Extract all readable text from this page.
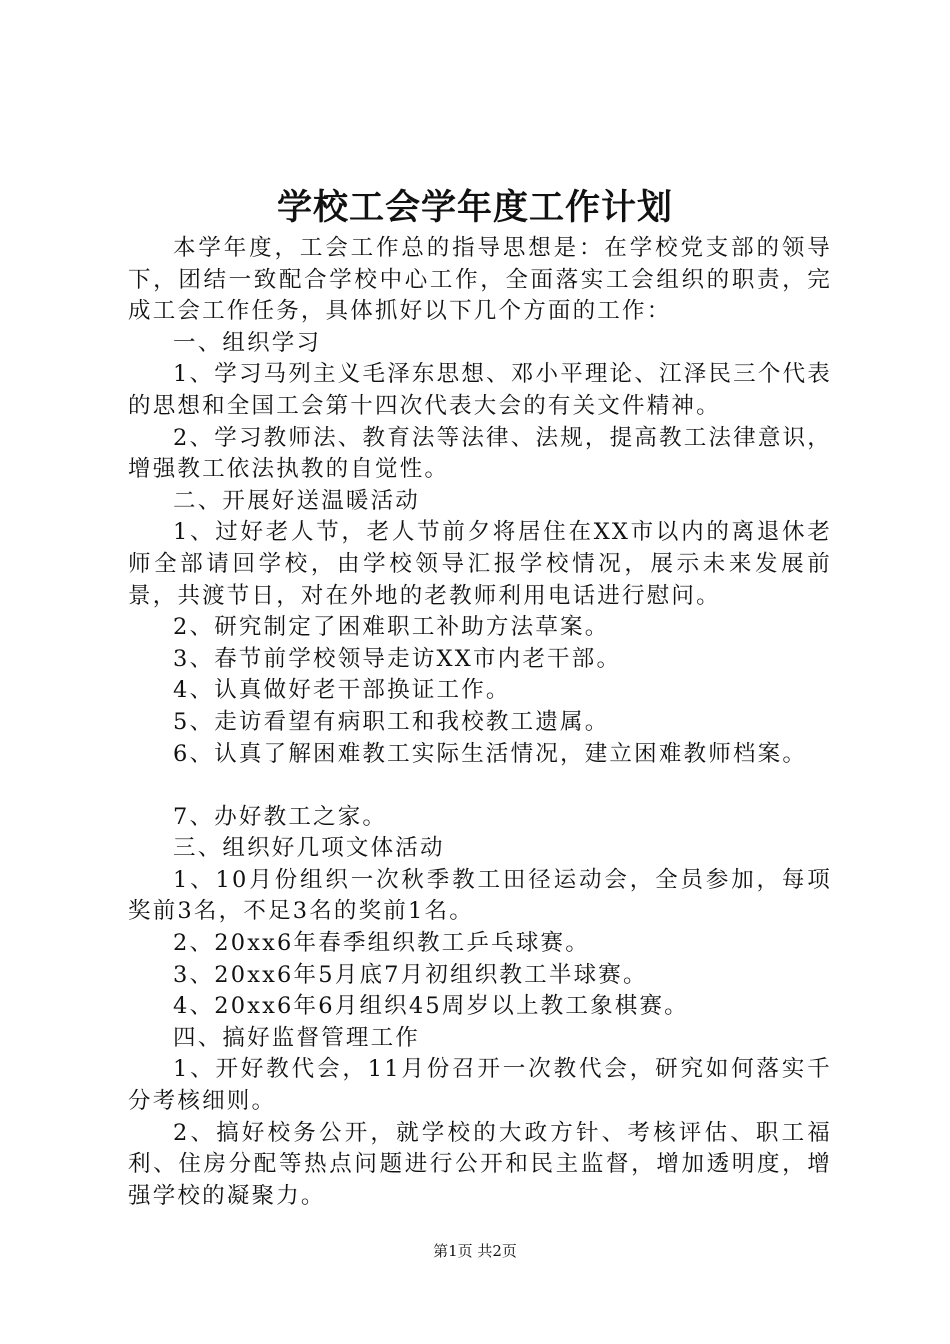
学校工会学年度工作计划

本学年度，工会工作总的指导思想是：在学校党支部的领导下，团结一致配合学校中心工作，全面落实工会组织的职责，完成工会工作任务，具体抓好以下几个方面的工作：

一、组织学习

1、学习马列主义毛泽东思想、邓小平理论、江泽民三个代表的思想和全国工会第十四次代表大会的有关文件精神。

2、学习教师法、教育法等法律、法规，提高教工法律意识，增强教工依法执教的自觉性。

二、开展好送温暖活动

1、过好老人节，老人节前夕将居住在XX市以内的离退休老师全部请回学校，由学校领导汇报学校情况，展示未来发展前景，共渡节日，对在外地的老教师利用电话进行慰问。

2、研究制定了困难职工补助方法草案。

3、春节前学校领导走访XX市内老干部。

4、认真做好老干部换证工作。

5、走访看望有病职工和我校教工遗属。

6、认真了解困难教工实际生活情况，建立困难教师档案。

7、办好教工之家。

三、组织好几项文体活动

1、10月份组织一次秋季教工田径运动会，全员参加，每项奖前3名，不足3名的奖前1名。

2、20xx6年春季组织教工乒乓球赛。

3、20xx6年5月底7月初组织教工半球赛。

4、20xx6年6月组织45周岁以上教工象棋赛。

四、搞好监督管理工作

1、开好教代会，11月份召开一次教代会，研究如何落实千分考核细则。

2、搞好校务公开，就学校的大政方针、考核评估、职工福利、住房分配等热点问题进行公开和民主监督，增加透明度，增强学校的凝聚力。

第1页 共2页
